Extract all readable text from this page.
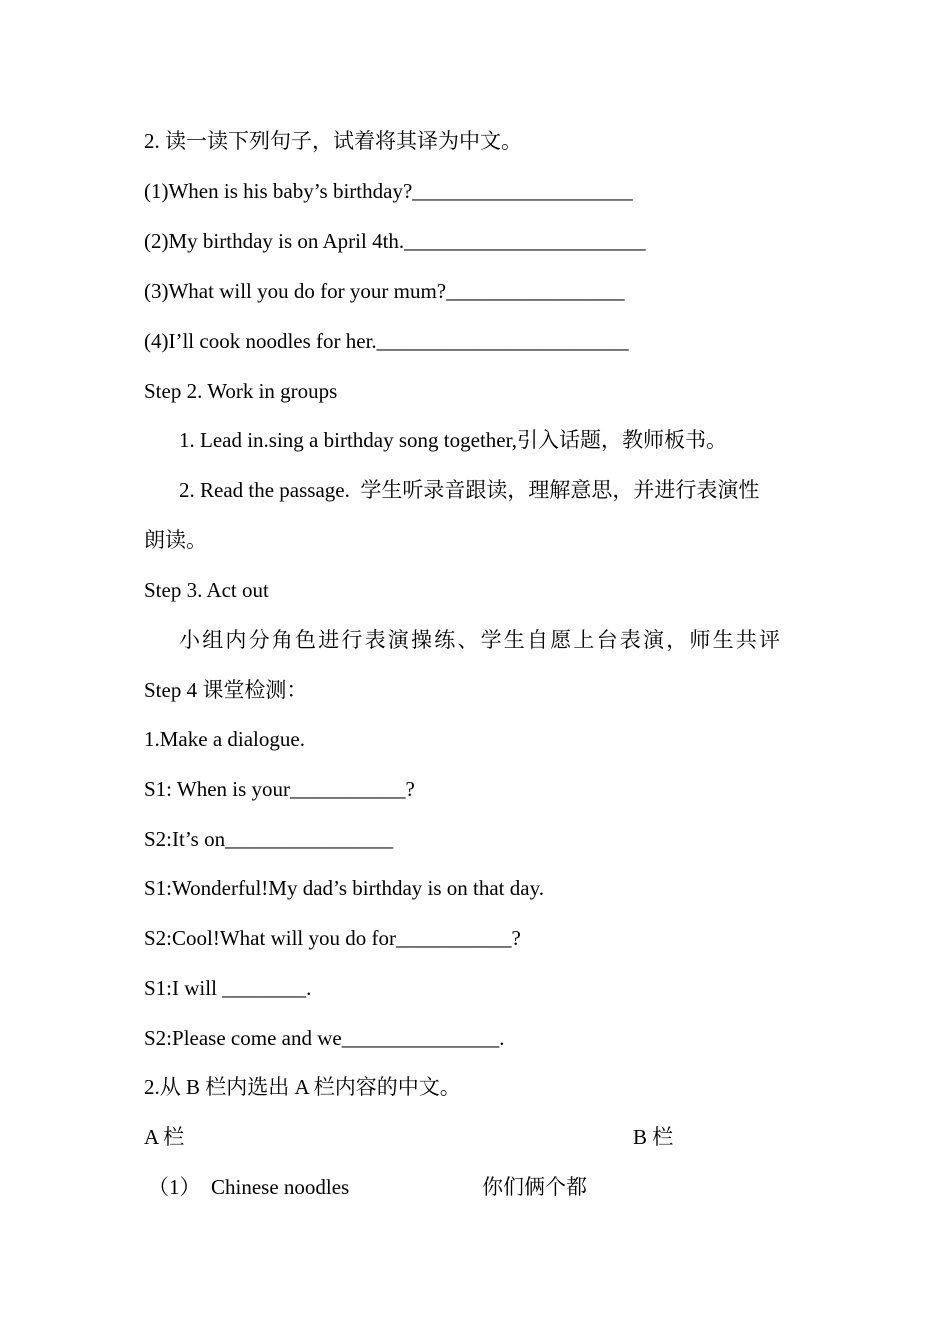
2. 读一读下列句子，试着将其译为中文。
(1)When is his baby’s birthday?_____________________
(2)My birthday is on April 4th._______________________
(3)What will you do for your mum?_________________
(4)I’ll cook noodles for her.________________________
Step 2. Work in groups
1. Lead in.sing a birthday song together,引入话题，教师板书。
2. Read the passage.  学生听录音跟读，理解意思，并进行表演性
朗读。
Step 3. Act out
小组内分角色进行表演操练、学生自愿上台表演，师生共评
Step 4 课堂检测：
1.Make a dialogue.
S1: When is your___________?
S2:It’s on________________
S1:Wonderful!My dad’s birthday is on that day.
S2:Cool!What will you do for___________?
S1:I will ________.
S2:Please come and we_______________.
2.从 B 栏内选出 A 栏内容的中文。
A 栏	B 栏
（1） Chinese noodles	你们俩个都
